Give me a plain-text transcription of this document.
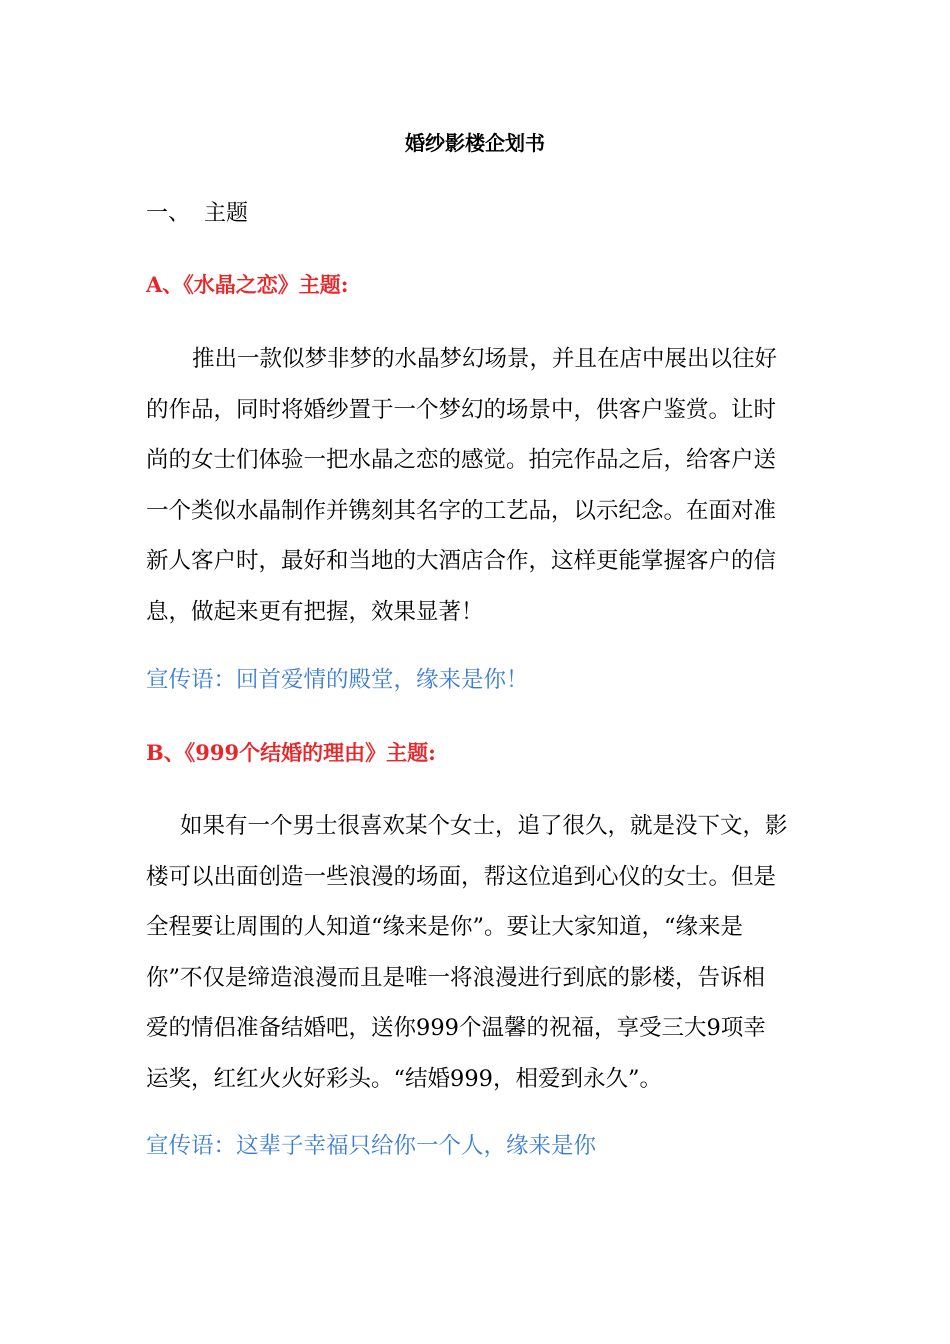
婚纱影楼企划书
一、 主题
A、《水晶之恋》主题:

推出一款似梦非梦的水晶梦幻场景，并且在店中展出以往好
的作品，同时将婚纱置于一个梦幻的场景中，供客户鉴赏。让时
尚的女士们体验一把水晶之恋的感觉。拍完作品之后，给客户送
一个类似水晶制作并镌刻其名字的工艺品，以示纪念。在面对准
新人客户时，最好和当地的大酒店合作，这样更能掌握客户的信
息，做起来更有把握，效果显著！

宣传语：回首爱情的殿堂，缘来是你！
B、《999个结婚的理由》主题:

如果有一个男士很喜欢某个女士，追了很久，就是没下文，影
楼可以出面创造一些浪漫的场面，帮这位追到心仪的女士。但是
全程要让周围的人知道“缘来是你”。要让大家知道，“缘来是
你”不仅是缔造浪漫而且是唯一将浪漫进行到底的影楼，告诉相
爱的情侣准备结婚吧，送你999个温馨的祝福，享受三大9项幸
运奖，红红火火好彩头。“结婚999，相爱到永久”。

宣传语：这辈子幸福只给你一个人，缘来是你
